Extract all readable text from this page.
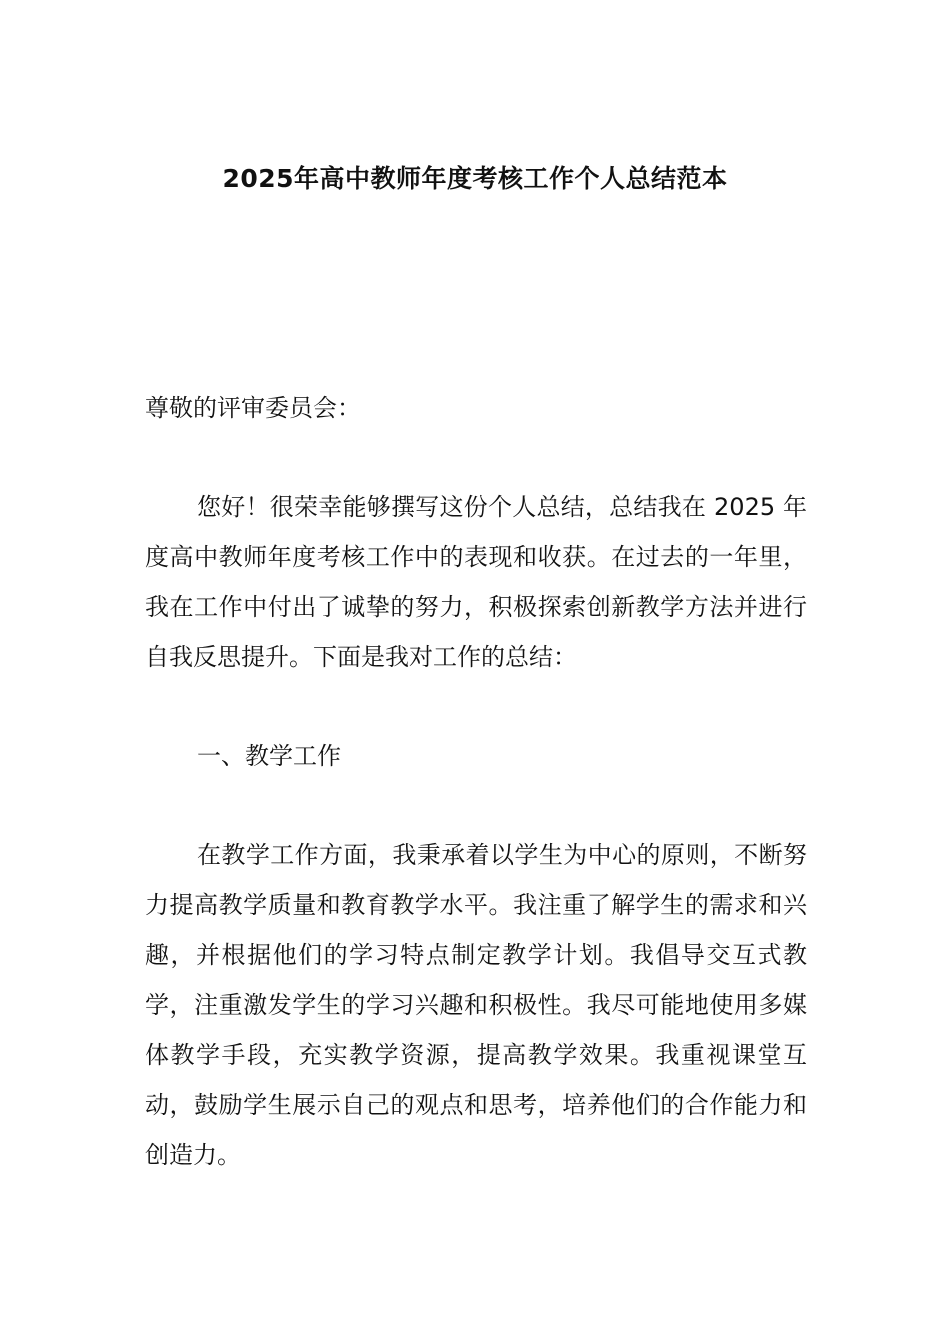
2025年高中教师年度考核工作个人总结范本
尊敬的评审委员会：
您好！很荣幸能够撰写这份个人总结，总结我在 2025 年度高中教师年度考核工作中的表现和收获。在过去的一年里，我在工作中付出了诚挚的努力，积极探索创新教学方法并进行自我反思提升。下面是我对工作的总结：
一、教学工作
在教学工作方面，我秉承着以学生为中心的原则，不断努力提高教学质量和教育教学水平。我注重了解学生的需求和兴趣，并根据他们的学习特点制定教学计划。我倡导交互式教学，注重激发学生的学习兴趣和积极性。我尽可能地使用多媒体教学手段，充实教学资源，提高教学效果。我重视课堂互动，鼓励学生展示自己的观点和思考，培养他们的合作能力和创造力。
